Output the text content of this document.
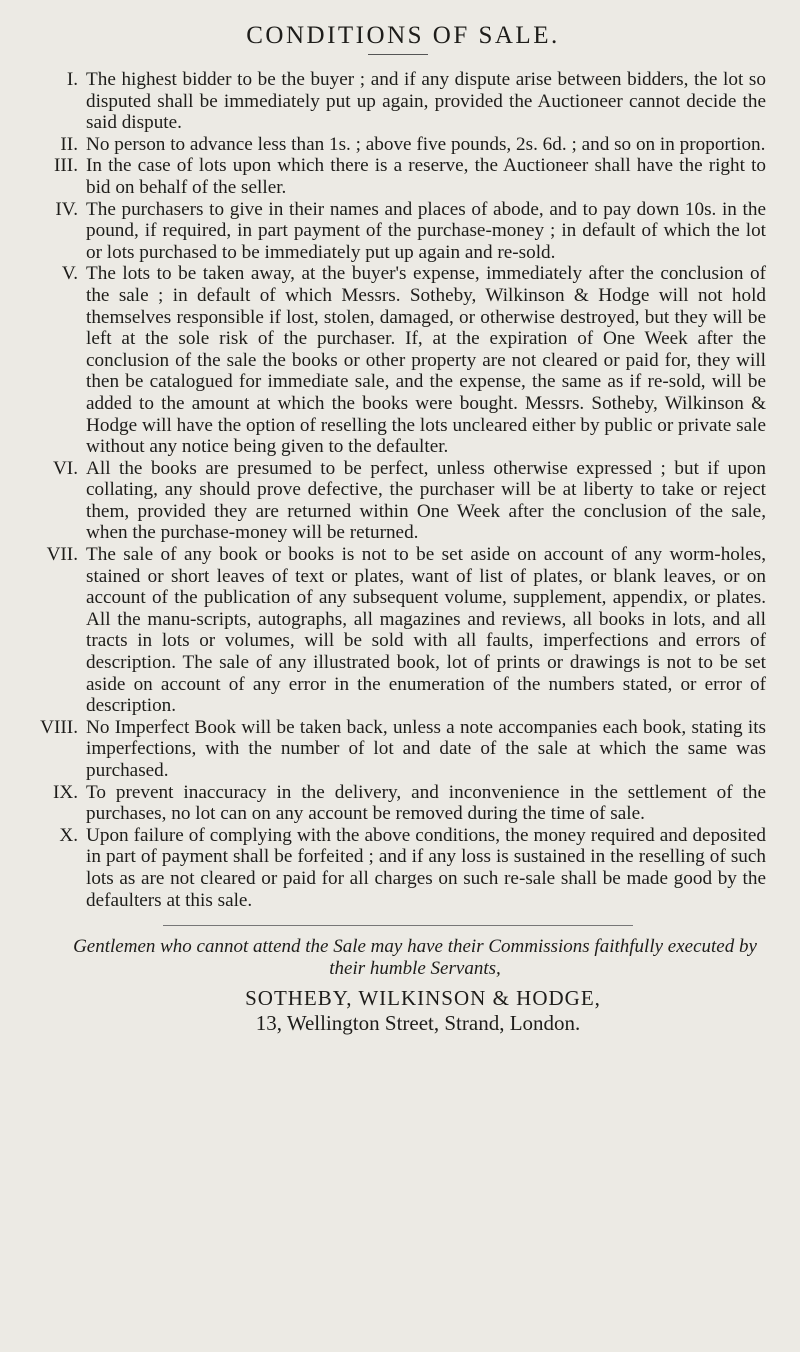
CONDITIONS OF SALE.
I. The highest bidder to be the buyer ; and if any dispute arise between bidders, the lot so disputed shall be immediately put up again, provided the Auctioneer cannot decide the said dispute.
II. No person to advance less than 1s. ; above five pounds, 2s. 6d. ; and so on in proportion.
III. In the case of lots upon which there is a reserve, the Auctioneer shall have the right to bid on behalf of the seller.
IV. The purchasers to give in their names and places of abode, and to pay down 10s. in the pound, if required, in part payment of the purchase-money ; in default of which the lot or lots purchased to be immediately put up again and re-sold.
V. The lots to be taken away, at the buyer's expense, immediately after the conclusion of the sale ; in default of which Messrs. Sotheby, Wilkinson & Hodge will not hold themselves responsible if lost, stolen, damaged, or otherwise destroyed, but they will be left at the sole risk of the purchaser. If, at the expiration of One Week after the conclusion of the sale the books or other property are not cleared or paid for, they will then be catalogued for immediate sale, and the expense, the same as if re-sold, will be added to the amount at which the books were bought. Messrs. Sotheby, Wilkinson & Hodge will have the option of reselling the lots uncleared either by public or private sale without any notice being given to the defaulter.
VI. All the books are presumed to be perfect, unless otherwise expressed ; but if upon collating, any should prove defective, the purchaser will be at liberty to take or reject them, provided they are returned within One Week after the conclusion of the sale, when the purchase-money will be returned.
VII. The sale of any book or books is not to be set aside on account of any worm-holes, stained or short leaves of text or plates, want of list of plates, or blank leaves, or on account of the publication of any subsequent volume, supplement, appendix, or plates. All the manu-scripts, autographs, all magazines and reviews, all books in lots, and all tracts in lots or volumes, will be sold with all faults, imperfections and errors of description. The sale of any illustrated book, lot of prints or drawings is not to be set aside on account of any error in the enumeration of the numbers stated, or error of description.
VIII. No Imperfect Book will be taken back, unless a note accompanies each book, stating its imperfections, with the number of lot and date of the sale at which the same was purchased.
IX. To prevent inaccuracy in the delivery, and inconvenience in the settlement of the purchases, no lot can on any account be removed during the time of sale.
X. Upon failure of complying with the above conditions, the money required and deposited in part of payment shall be forfeited ; and if any loss is sustained in the reselling of such lots as are not cleared or paid for all charges on such re-sale shall be made good by the defaulters at this sale.
Gentlemen who cannot attend the Sale may have their Commissions faithfully executed by their humble Servants,
SOTHEBY, WILKINSON & HODGE,
13, Wellington Street, Strand, London.
